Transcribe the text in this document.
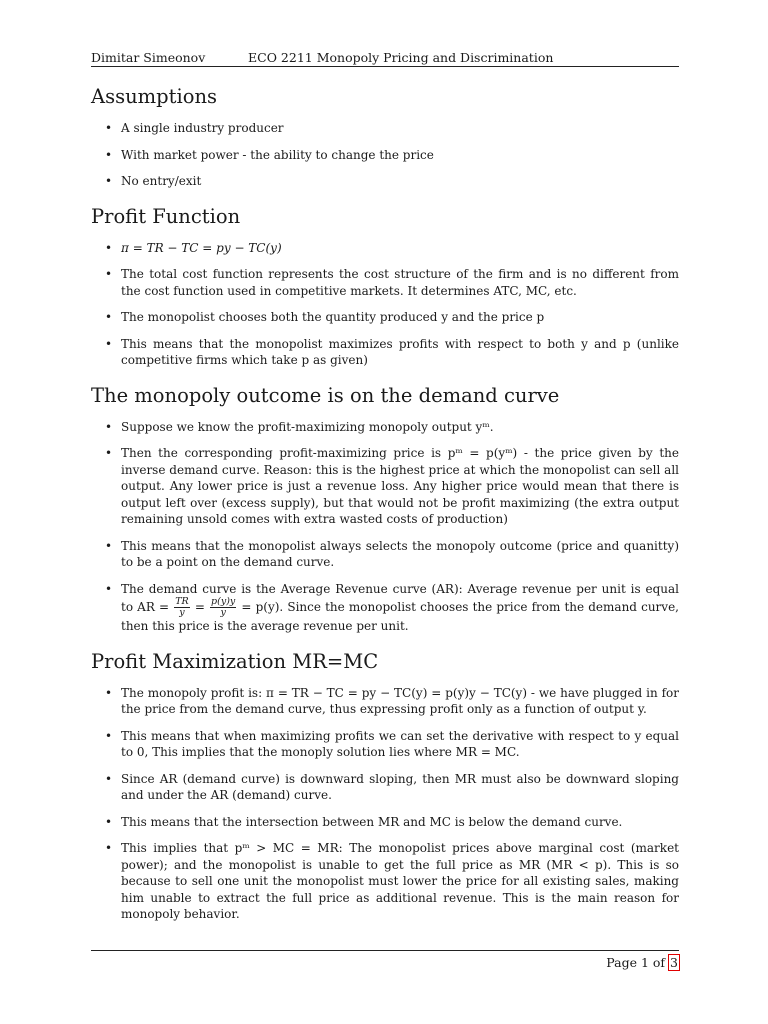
Dimitar Simeonov	ECO 2211 Monopoly Pricing and Discrimination
Assumptions
• A single industry producer
• With market power - the ability to change the price
• No entry/exit
Profit Function
• π = TR − TC = py − TC(y)
• The total cost function represents the cost structure of the firm and is no different from the cost function used in competitive markets. It determines ATC, MC, etc.
• The monopolist chooses both the quantity produced y and the price p
• This means that the monopolist maximizes profits with respect to both y and p (unlike competitive firms which take p as given)
The monopoly outcome is on the demand curve
• Suppose we know the profit-maximizing monopoly output yᵐ.
• Then the corresponding profit-maximizing price is pᵐ = p(yᵐ) - the price given by the inverse demand curve. Reason: this is the highest price at which the monopolist can sell all output. Any lower price is just a revenue loss. Any higher price would mean that there is output left over (excess supply), but that would not be profit maximizing (the extra output remaining unsold comes with extra wasted costs of production)
• This means that the monopolist always selects the monopoly outcome (price and quanitty) to be a point on the demand curve.
• The demand curve is the Average Revenue curve (AR): Average revenue per unit is equal to AR = $\frac{TR}{y} = \frac{p(y)y}{y} = p(y)$. Since the monopolist chooses the price from the demand curve, then this price is the average revenue per unit.
Profit Maximization MR=MC
• The monopoly profit is: π = TR − TC = py − TC(y) = p(y)y − TC(y) - we have plugged in for the price from the demand curve, thus expressing profit only as a function of output y.
• This means that when maximizing profits we can set the derivative with respect to y equal to 0, This implies that the monoply solution lies where MR = MC.
• Since AR (demand curve) is downward sloping, then MR must also be downward sloping and under the AR (demand) curve.
• This means that the intersection between MR and MC is below the demand curve.
• This implies that pᵐ > MC = MR: The monopolist prices above marginal cost (market power); and the monopolist is unable to get the full price as MR (MR < p). This is so because to sell one unit the monopolist must lower the price for all existing sales, making him unable to extract the full price as additional revenue. This is the main reason for monopoly behavior.
Page 1 of 3
